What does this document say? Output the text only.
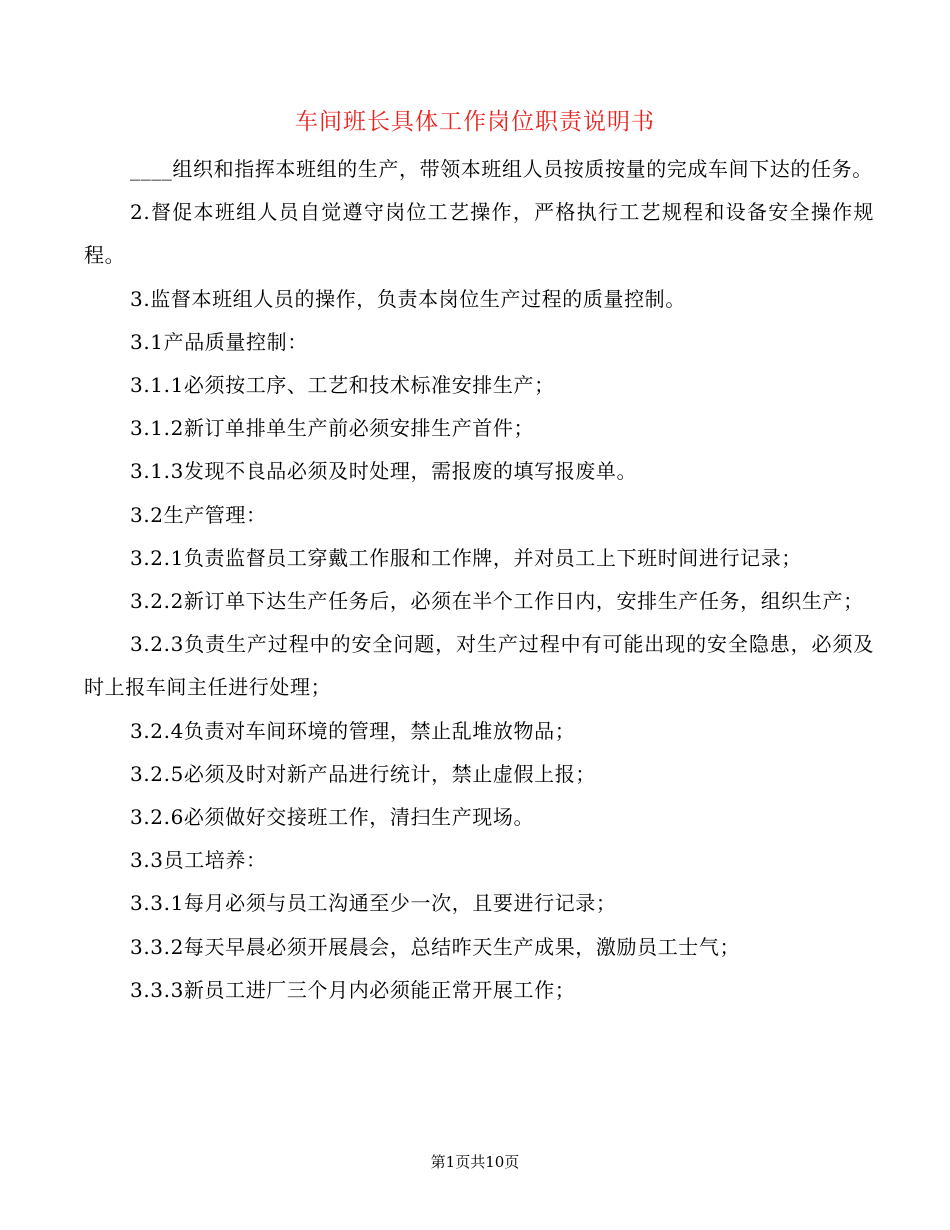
车间班长具体工作岗位职责说明书

____组织和指挥本班组的生产，带领本班组人员按质按量的完成车间下达的任务。

2.督促本班组人员自觉遵守岗位工艺操作，严格执行工艺规程和设备安全操作规程。

3.监督本班组人员的操作，负责本岗位生产过程的质量控制。

3.1产品质量控制：

3.1.1必须按工序、工艺和技术标准安排生产；

3.1.2新订单排单生产前必须安排生产首件；

3.1.3发现不良品必须及时处理，需报废的填写报废单。

3.2生产管理：

3.2.1负责监督员工穿戴工作服和工作牌，并对员工上下班时间进行记录；

3.2.2新订单下达生产任务后，必须在半个工作日内，安排生产任务，组织生产；

3.2.3负责生产过程中的安全问题，对生产过程中有可能出现的安全隐患，必须及时上报车间主任进行处理；

3.2.4负责对车间环境的管理，禁止乱堆放物品；

3.2.5必须及时对新产品进行统计，禁止虚假上报；

3.2.6必须做好交接班工作，清扫生产现场。

3.3员工培养：

3.3.1每月必须与员工沟通至少一次，且要进行记录；

3.3.2每天早晨必须开展晨会，总结昨天生产成果，激励员工士气；

3.3.3新员工进厂三个月内必须能正常开展工作；

第1页共10页
